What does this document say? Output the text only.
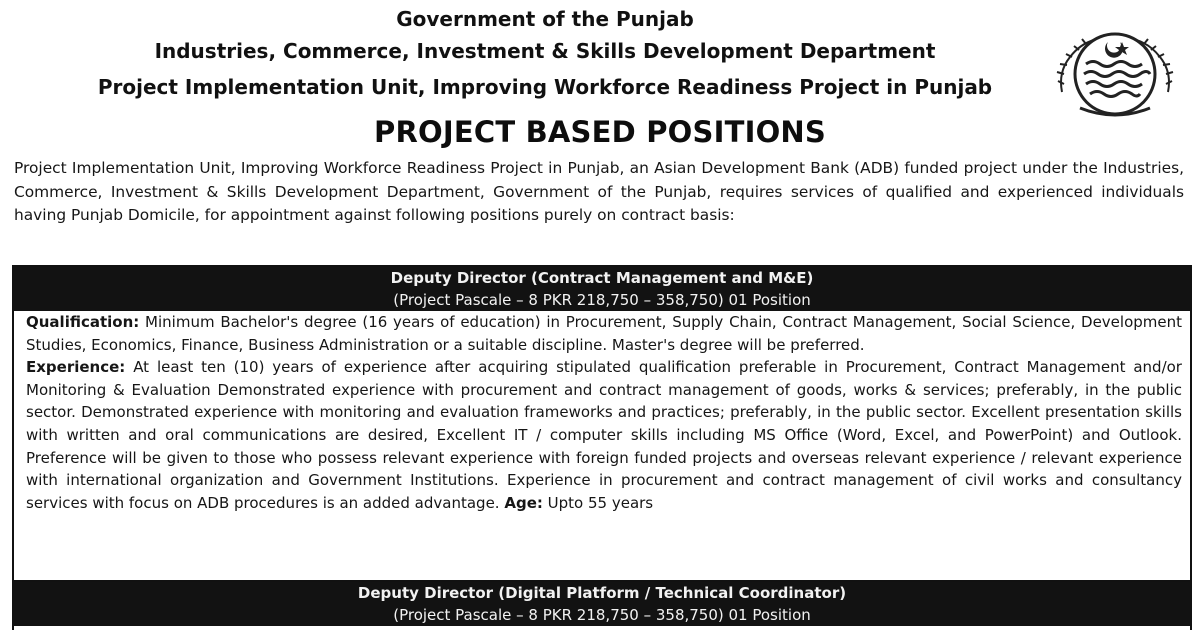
Government of the Punjab
Industries, Commerce, Investment & Skills Development Department
Project Implementation Unit, Improving Workforce Readiness Project in Punjab
PROJECT BASED POSITIONS
Project Implementation Unit, Improving Workforce Readiness Project in Punjab, an Asian Development Bank (ADB) funded project under the Industries, Commerce, Investment & Skills Development Department, Government of the Punjab, requires services of qualified and experienced individuals having Punjab Domicile, for appointment against following positions purely on contract basis:
Deputy Director (Contract Management and M&E)
(Project Pascale – 8 PKR 218,750 – 358,750) 01 Position

Qualification: Minimum Bachelor's degree (16 years of education) in Procurement, Supply Chain, Contract Management, Social Science, Development Studies, Economics, Finance, Business Administration or a suitable discipline. Master's degree will be preferred.

Experience: At least ten (10) years of experience after acquiring stipulated qualification preferable in Procurement, Contract Management and/or Monitoring & Evaluation Demonstrated experience with procurement and contract management of goods, works & services; preferably, in the public sector. Demonstrated experience with monitoring and evaluation frameworks and practices; preferably, in the public sector. Excellent presentation skills with written and oral communications are desired, Excellent IT / computer skills including MS Office (Word, Excel, and PowerPoint) and Outlook. Preference will be given to those who possess relevant experience with foreign funded projects and overseas relevant experience / relevant experience with international organization and Government Institutions. Experience in procurement and contract management of civil works and consultancy services with focus on ADB procedures is an added advantage. Age: Upto 55 years

Deputy Director (Digital Platform / Technical Coordinator)
(Project Pascale – 8 PKR 218,750 – 358,750) 01 Position
